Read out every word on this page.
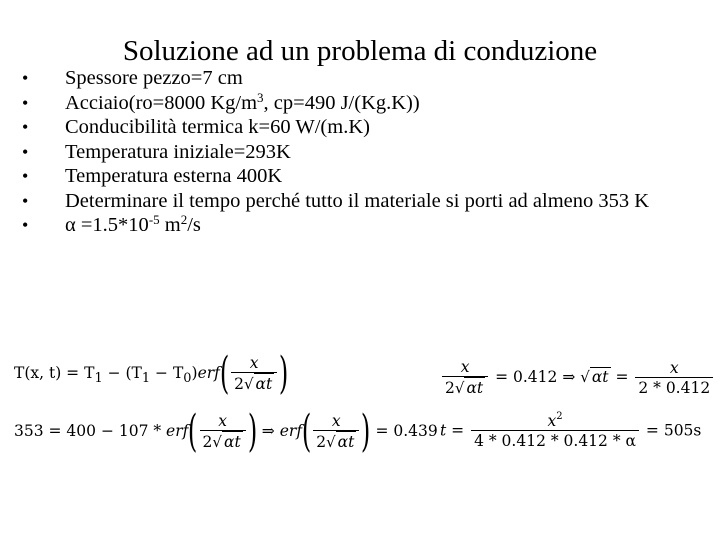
Soluzione ad un problema di conduzione
•	Spessore pezzo=7 cm
•	Acciaio(ro=8000 $Kg/m^3$, cp=490 J/(Kg.K))
•	Conducibilità termica k=60 W/(m.K)
•	Temperatura iniziale=293K
•	Temperatura esterna 400K
•	Determinare il tempo perché tutto il materiale si porti ad almeno 353 K
•	$\alpha =1.5*10^{-5}$ $m^2/s$
T(x, $t) = T_1 - (T_1 - T_0)erf( \frac{x}{2√ \alpha t}$ )
$353 = 400 - 107 * erf( \frac{x}{2√ \alpha t}$ ) ⇒ $erf( \frac{x}{2√ \alpha t}$ ) = 0.439
$\frac{x}{2√ \alpha t} = 0.412$ ⇒ √ $\alpha t = \frac{x}{2 * 0.412}$
$t = \frac{x^2}{4 * 0.412 * 0.412 * \alpha} = 505s$
